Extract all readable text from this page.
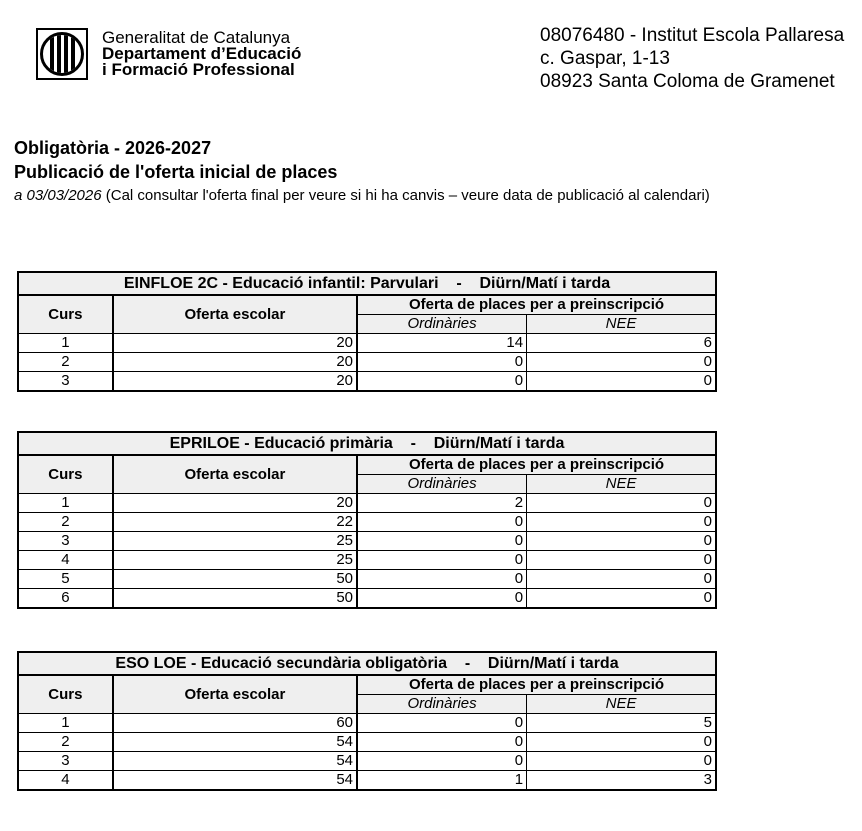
Generalitat de Catalunya
Departament d’Educació
i Formació Professional
08076480 - Institut Escola Pallaresa
c. Gaspar, 1-13
08923 Santa Coloma de Gramenet
Obligatòria - 2026-2027
Publicació de l'oferta inicial de places
a 03/03/2026 (Cal consultar l'oferta final per veure si hi ha canvis – veure data de publicació al calendari)
EINFLOE 2C - Educació infantil: Parvulari    -    Diürn/Matí i tarda			
Curs	Oferta escolar	Oferta de places per a preinscripció	
		Ordinàries	NEE
1	20	14	6
2	20	0	0
3	20	0	0
EPRILOE - Educació primària    -    Diürn/Matí i tarda			
Curs	Oferta escolar	Oferta de places per a preinscripció	
		Ordinàries	NEE
1	20	2	0
2	22	0	0
3	25	0	0
4	25	0	0
5	50	0	0
6	50	0	0
ESO LOE - Educació secundària obligatòria    -    Diürn/Matí i tarda			
Curs	Oferta escolar	Oferta de places per a preinscripció	
		Ordinàries	NEE
1	60	0	5
2	54	0	0
3	54	0	0
4	54	1	3
